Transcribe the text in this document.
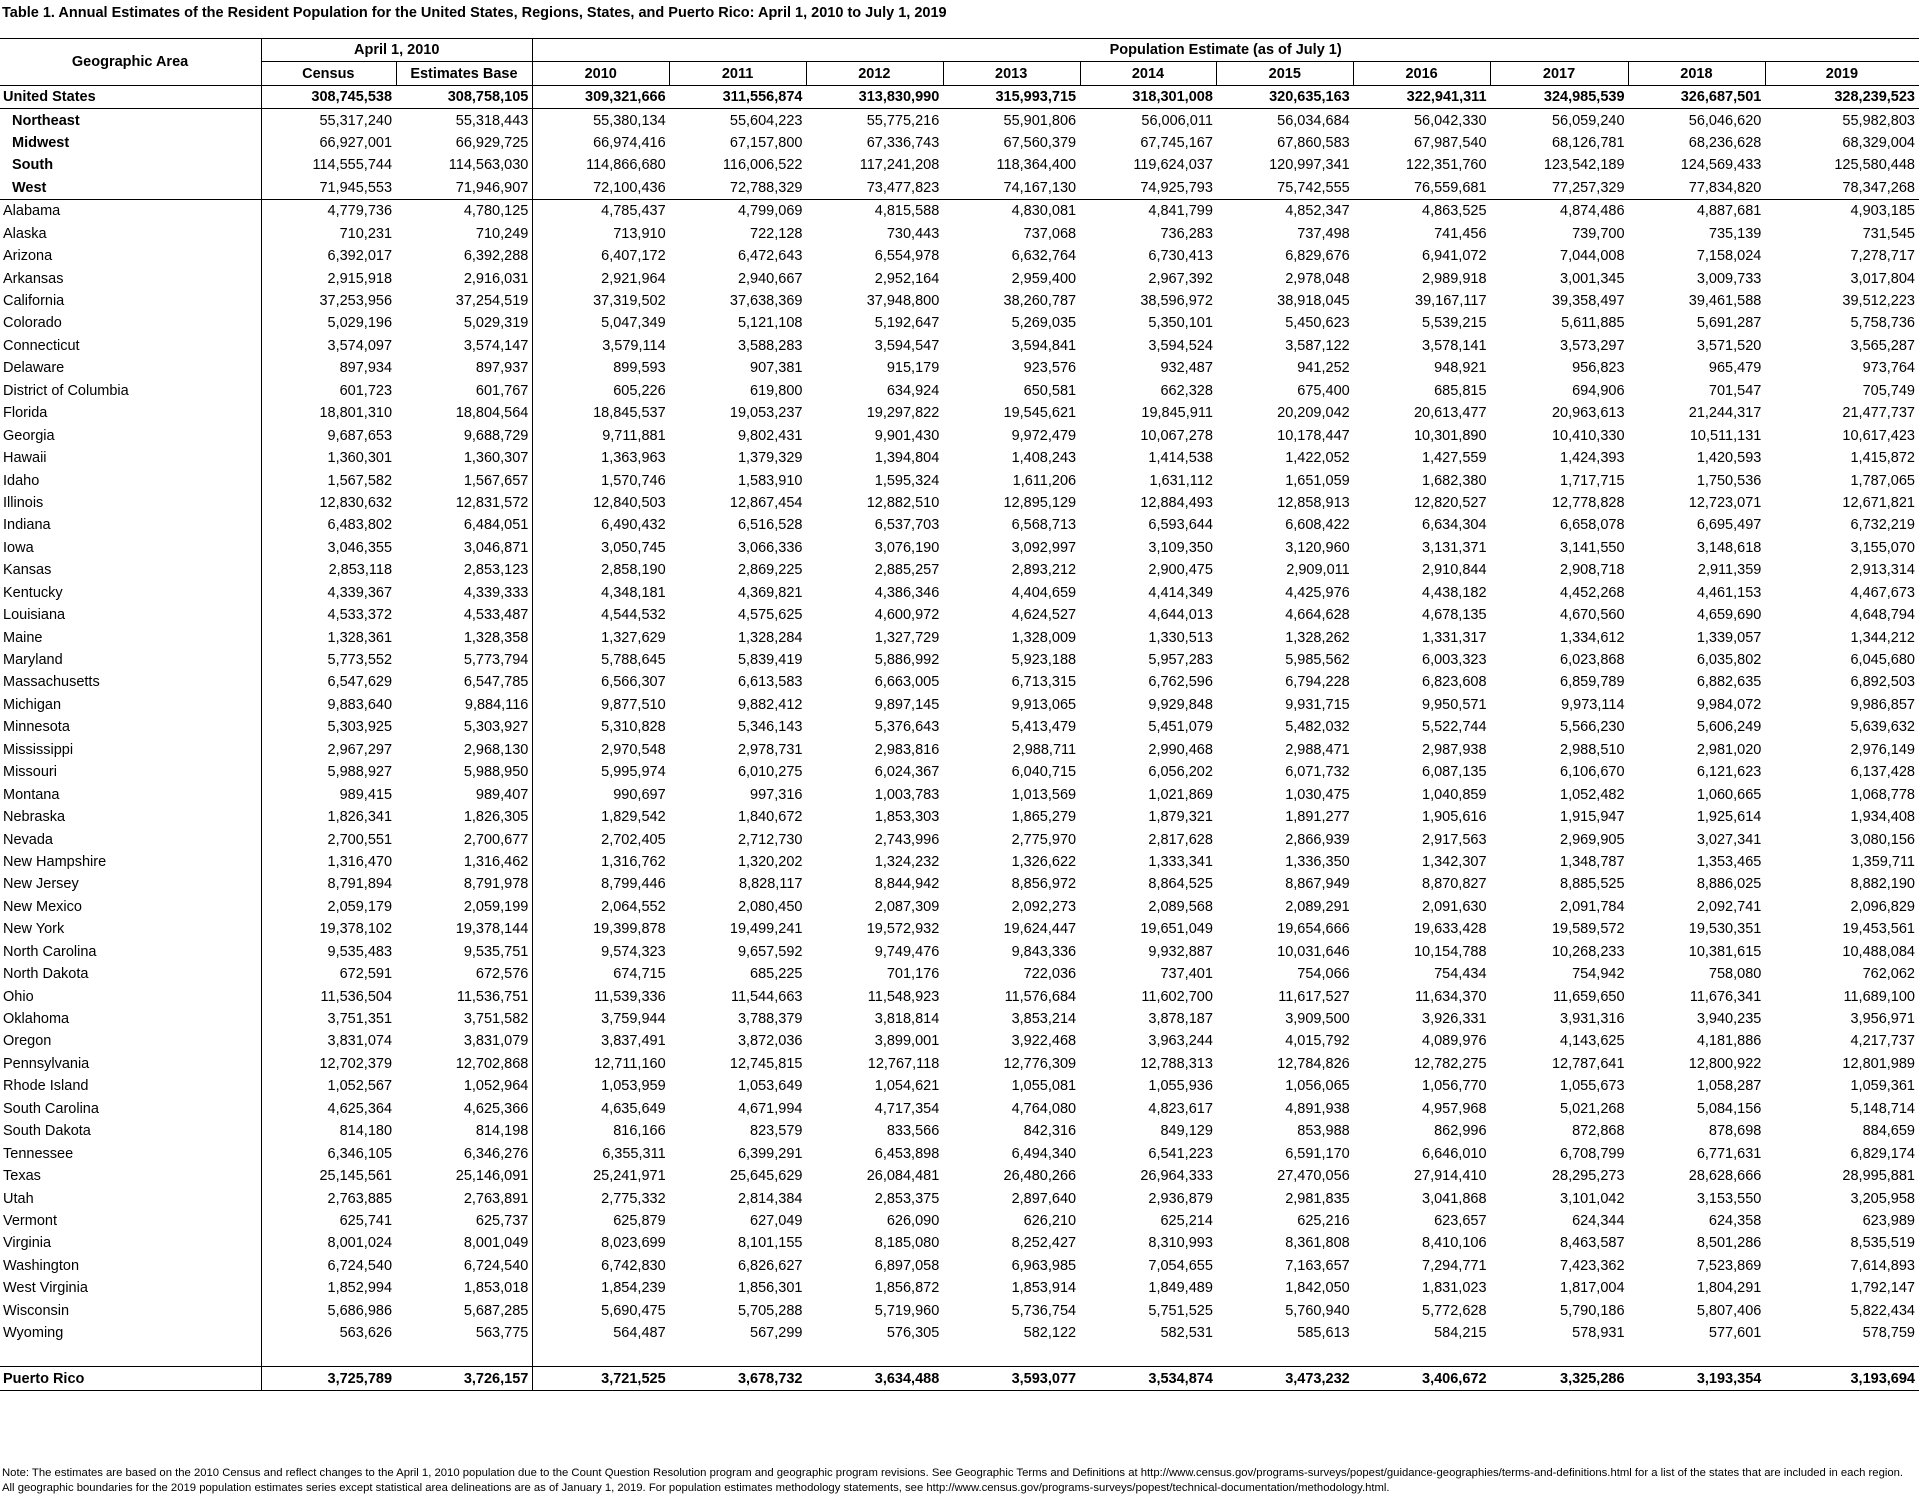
Table 1. Annual Estimates of the Resident Population for the United States, Regions, States, and Puerto Rico: April 1, 2010 to July 1, 2019
Geographic Area	April 1, 2010		Population Estimate (as of July 1)									
	Census	Estimates Base	2010	2011	2012	2013	2014	2015	2016	2017	2018	2019
United States	308,745,538	308,758,105	309,321,666	311,556,874	313,830,990	315,993,715	318,301,008	320,635,163	322,941,311	324,985,539	326,687,501	328,239,523
Northeast	55,317,240	55,318,443	55,380,134	55,604,223	55,775,216	55,901,806	56,006,011	56,034,684	56,042,330	56,059,240	56,046,620	55,982,803
Midwest	66,927,001	66,929,725	66,974,416	67,157,800	67,336,743	67,560,379	67,745,167	67,860,583	67,987,540	68,126,781	68,236,628	68,329,004
South	114,555,744	114,563,030	114,866,680	116,006,522	117,241,208	118,364,400	119,624,037	120,997,341	122,351,760	123,542,189	124,569,433	125,580,448
West	71,945,553	71,946,907	72,100,436	72,788,329	73,477,823	74,167,130	74,925,793	75,742,555	76,559,681	77,257,329	77,834,820	78,347,268
Alabama	4,779,736	4,780,125	4,785,437	4,799,069	4,815,588	4,830,081	4,841,799	4,852,347	4,863,525	4,874,486	4,887,681	4,903,185
Alaska	710,231	710,249	713,910	722,128	730,443	737,068	736,283	737,498	741,456	739,700	735,139	731,545
Arizona	6,392,017	6,392,288	6,407,172	6,472,643	6,554,978	6,632,764	6,730,413	6,829,676	6,941,072	7,044,008	7,158,024	7,278,717
Arkansas	2,915,918	2,916,031	2,921,964	2,940,667	2,952,164	2,959,400	2,967,392	2,978,048	2,989,918	3,001,345	3,009,733	3,017,804
California	37,253,956	37,254,519	37,319,502	37,638,369	37,948,800	38,260,787	38,596,972	38,918,045	39,167,117	39,358,497	39,461,588	39,512,223
Colorado	5,029,196	5,029,319	5,047,349	5,121,108	5,192,647	5,269,035	5,350,101	5,450,623	5,539,215	5,611,885	5,691,287	5,758,736
Connecticut	3,574,097	3,574,147	3,579,114	3,588,283	3,594,547	3,594,841	3,594,524	3,587,122	3,578,141	3,573,297	3,571,520	3,565,287
Delaware	897,934	897,937	899,593	907,381	915,179	923,576	932,487	941,252	948,921	956,823	965,479	973,764
District of Columbia	601,723	601,767	605,226	619,800	634,924	650,581	662,328	675,400	685,815	694,906	701,547	705,749
Florida	18,801,310	18,804,564	18,845,537	19,053,237	19,297,822	19,545,621	19,845,911	20,209,042	20,613,477	20,963,613	21,244,317	21,477,737
Georgia	9,687,653	9,688,729	9,711,881	9,802,431	9,901,430	9,972,479	10,067,278	10,178,447	10,301,890	10,410,330	10,511,131	10,617,423
Hawaii	1,360,301	1,360,307	1,363,963	1,379,329	1,394,804	1,408,243	1,414,538	1,422,052	1,427,559	1,424,393	1,420,593	1,415,872
Idaho	1,567,582	1,567,657	1,570,746	1,583,910	1,595,324	1,611,206	1,631,112	1,651,059	1,682,380	1,717,715	1,750,536	1,787,065
Illinois	12,830,632	12,831,572	12,840,503	12,867,454	12,882,510	12,895,129	12,884,493	12,858,913	12,820,527	12,778,828	12,723,071	12,671,821
Indiana	6,483,802	6,484,051	6,490,432	6,516,528	6,537,703	6,568,713	6,593,644	6,608,422	6,634,304	6,658,078	6,695,497	6,732,219
Iowa	3,046,355	3,046,871	3,050,745	3,066,336	3,076,190	3,092,997	3,109,350	3,120,960	3,131,371	3,141,550	3,148,618	3,155,070
Kansas	2,853,118	2,853,123	2,858,190	2,869,225	2,885,257	2,893,212	2,900,475	2,909,011	2,910,844	2,908,718	2,911,359	2,913,314
Kentucky	4,339,367	4,339,333	4,348,181	4,369,821	4,386,346	4,404,659	4,414,349	4,425,976	4,438,182	4,452,268	4,461,153	4,467,673
Louisiana	4,533,372	4,533,487	4,544,532	4,575,625	4,600,972	4,624,527	4,644,013	4,664,628	4,678,135	4,670,560	4,659,690	4,648,794
Maine	1,328,361	1,328,358	1,327,629	1,328,284	1,327,729	1,328,009	1,330,513	1,328,262	1,331,317	1,334,612	1,339,057	1,344,212
Maryland	5,773,552	5,773,794	5,788,645	5,839,419	5,886,992	5,923,188	5,957,283	5,985,562	6,003,323	6,023,868	6,035,802	6,045,680
Massachusetts	6,547,629	6,547,785	6,566,307	6,613,583	6,663,005	6,713,315	6,762,596	6,794,228	6,823,608	6,859,789	6,882,635	6,892,503
Michigan	9,883,640	9,884,116	9,877,510	9,882,412	9,897,145	9,913,065	9,929,848	9,931,715	9,950,571	9,973,114	9,984,072	9,986,857
Minnesota	5,303,925	5,303,927	5,310,828	5,346,143	5,376,643	5,413,479	5,451,079	5,482,032	5,522,744	5,566,230	5,606,249	5,639,632
Mississippi	2,967,297	2,968,130	2,970,548	2,978,731	2,983,816	2,988,711	2,990,468	2,988,471	2,987,938	2,988,510	2,981,020	2,976,149
Missouri	5,988,927	5,988,950	5,995,974	6,010,275	6,024,367	6,040,715	6,056,202	6,071,732	6,087,135	6,106,670	6,121,623	6,137,428
Montana	989,415	989,407	990,697	997,316	1,003,783	1,013,569	1,021,869	1,030,475	1,040,859	1,052,482	1,060,665	1,068,778
Nebraska	1,826,341	1,826,305	1,829,542	1,840,672	1,853,303	1,865,279	1,879,321	1,891,277	1,905,616	1,915,947	1,925,614	1,934,408
Nevada	2,700,551	2,700,677	2,702,405	2,712,730	2,743,996	2,775,970	2,817,628	2,866,939	2,917,563	2,969,905	3,027,341	3,080,156
New Hampshire	1,316,470	1,316,462	1,316,762	1,320,202	1,324,232	1,326,622	1,333,341	1,336,350	1,342,307	1,348,787	1,353,465	1,359,711
New Jersey	8,791,894	8,791,978	8,799,446	8,828,117	8,844,942	8,856,972	8,864,525	8,867,949	8,870,827	8,885,525	8,886,025	8,882,190
New Mexico	2,059,179	2,059,199	2,064,552	2,080,450	2,087,309	2,092,273	2,089,568	2,089,291	2,091,630	2,091,784	2,092,741	2,096,829
New York	19,378,102	19,378,144	19,399,878	19,499,241	19,572,932	19,624,447	19,651,049	19,654,666	19,633,428	19,589,572	19,530,351	19,453,561
North Carolina	9,535,483	9,535,751	9,574,323	9,657,592	9,749,476	9,843,336	9,932,887	10,031,646	10,154,788	10,268,233	10,381,615	10,488,084
North Dakota	672,591	672,576	674,715	685,225	701,176	722,036	737,401	754,066	754,434	754,942	758,080	762,062
Ohio	11,536,504	11,536,751	11,539,336	11,544,663	11,548,923	11,576,684	11,602,700	11,617,527	11,634,370	11,659,650	11,676,341	11,689,100
Oklahoma	3,751,351	3,751,582	3,759,944	3,788,379	3,818,814	3,853,214	3,878,187	3,909,500	3,926,331	3,931,316	3,940,235	3,956,971
Oregon	3,831,074	3,831,079	3,837,491	3,872,036	3,899,001	3,922,468	3,963,244	4,015,792	4,089,976	4,143,625	4,181,886	4,217,737
Pennsylvania	12,702,379	12,702,868	12,711,160	12,745,815	12,767,118	12,776,309	12,788,313	12,784,826	12,782,275	12,787,641	12,800,922	12,801,989
Rhode Island	1,052,567	1,052,964	1,053,959	1,053,649	1,054,621	1,055,081	1,055,936	1,056,065	1,056,770	1,055,673	1,058,287	1,059,361
South Carolina	4,625,364	4,625,366	4,635,649	4,671,994	4,717,354	4,764,080	4,823,617	4,891,938	4,957,968	5,021,268	5,084,156	5,148,714
South Dakota	814,180	814,198	816,166	823,579	833,566	842,316	849,129	853,988	862,996	872,868	878,698	884,659
Tennessee	6,346,105	6,346,276	6,355,311	6,399,291	6,453,898	6,494,340	6,541,223	6,591,170	6,646,010	6,708,799	6,771,631	6,829,174
Texas	25,145,561	25,146,091	25,241,971	25,645,629	26,084,481	26,480,266	26,964,333	27,470,056	27,914,410	28,295,273	28,628,666	28,995,881
Utah	2,763,885	2,763,891	2,775,332	2,814,384	2,853,375	2,897,640	2,936,879	2,981,835	3,041,868	3,101,042	3,153,550	3,205,958
Vermont	625,741	625,737	625,879	627,049	626,090	626,210	625,214	625,216	623,657	624,344	624,358	623,989
Virginia	8,001,024	8,001,049	8,023,699	8,101,155	8,185,080	8,252,427	8,310,993	8,361,808	8,410,106	8,463,587	8,501,286	8,535,519
Washington	6,724,540	6,724,540	6,742,830	6,826,627	6,897,058	6,963,985	7,054,655	7,163,657	7,294,771	7,423,362	7,523,869	7,614,893
West Virginia	1,852,994	1,853,018	1,854,239	1,856,301	1,856,872	1,853,914	1,849,489	1,842,050	1,831,023	1,817,004	1,804,291	1,792,147
Wisconsin	5,686,986	5,687,285	5,690,475	5,705,288	5,719,960	5,736,754	5,751,525	5,760,940	5,772,628	5,790,186	5,807,406	5,822,434
Wyoming	563,626	563,775	564,487	567,299	576,305	582,122	582,531	585,613	584,215	578,931	577,601	578,759

Puerto Rico	3,725,789	3,726,157	3,721,525	3,678,732	3,634,488	3,593,077	3,534,874	3,473,232	3,406,672	3,325,286	3,193,354	3,193,694
Note: The estimates are based on the 2010 Census and reflect changes to the April 1, 2010 population due to the Count Question Resolution program and geographic program revisions. See Geographic Terms and Definitions at http://www.census.gov/programs-surveys/popest/guidance-geographies/terms-and-definitions.html for a list of the states that are included in each region. All geographic boundaries for the 2019 population estimates series except statistical area delineations are as of January 1, 2019. For population estimates methodology statements, see http://www.census.gov/programs-surveys/popest/technical-documentation/methodology.html.
